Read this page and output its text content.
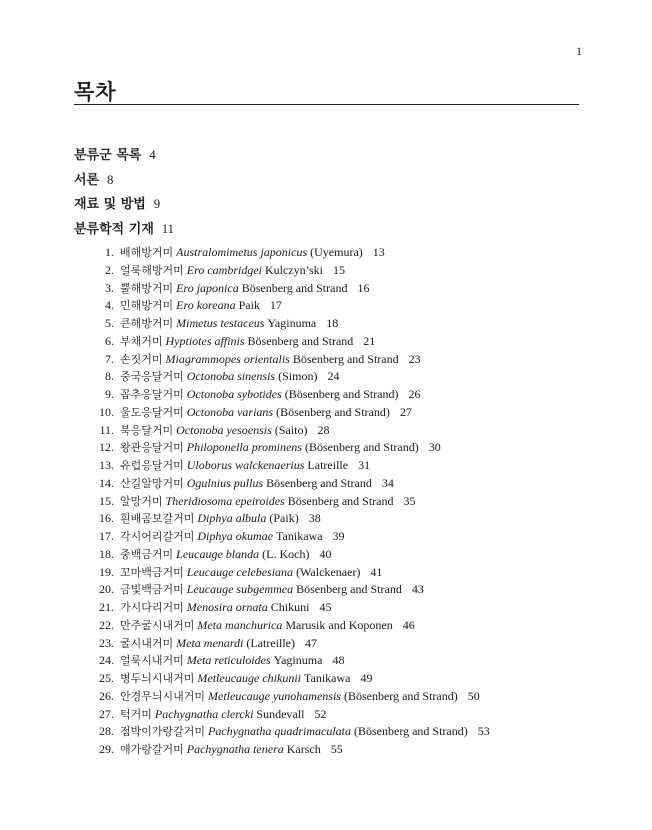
1
목차
분류군 목록 4
서론 8
재료 및 방법 9
분류학적 기재 11
1. 배해방거미 Australomimetus japonicus (Uyemura) 13
2. 얼룩해방거미 Ero cambridgei Kulczyn’ski 15
3. 뿔해방거미 Ero japonica Bösenberg and Strand 16
4. 민해방거미 Ero koreana Paik 17
5. 큰해방거미 Mimetus testaceus Yaginuma 18
6. 부채거미 Hyptiotes affinis Bösenberg and Strand 21
7. 손짓거미 Miagrammopes orientalis Bösenberg and Strand 23
8. 중국응달거미 Octonoba sinensis (Simon) 24
9. 꼽추응달거미 Octonoba sybotides (Bösenberg and Strand) 26
10. 울도응달거미 Octonoba varians (Bösenberg and Strand) 27
11. 북응달거미 Octonoba yesoensis (Saito) 28
12. 왕관응달거미 Philoponella prominens (Bösenberg and Strand) 30
13. 유럽응달거미 Uloborus walckenaerius Latreille 31
14. 산길알망거미 Ogulnius pullus Bösenberg and Strand 34
15. 알망거미 Theridiosoma epeiroides Bösenberg and Strand 35
16. 흰배곰보갈거미 Diphya albula (Paik) 38
17. 각시어리갈거미 Diphya okumae Tanikawa 39
18. 중백금거미 Leucauge blanda (L. Koch) 40
19. 꼬마백금거미 Leucauge celebesiana (Walckenaer) 41
20. 금빛백금거미 Leucauge subgemmea Bösenberg and Strand 43
21. 가시다리거미 Menosira ornata Chikuni 45
22. 만주굴시내거미 Meta manchurica Marusik and Koponen 46
23. 굴시내거미 Meta menardi (Latreille) 47
24. 얼룩시내거미 Meta reticuloides Yaginuma 48
25. 병두늬시내거미 Metleucauge chikunii Tanikawa 49
26. 안경무늬시내거미 Metleucauge yunohamensis (Bösenberg and Strand) 50
27. 턱거미 Pachygnatha clercki Sundevall 52
28. 점박이가랑갈거미 Pachygnatha quadrimaculata (Bösenberg and Strand) 53
29. 애가랑갈거미 Pachygnatha tenera Karsch 55
